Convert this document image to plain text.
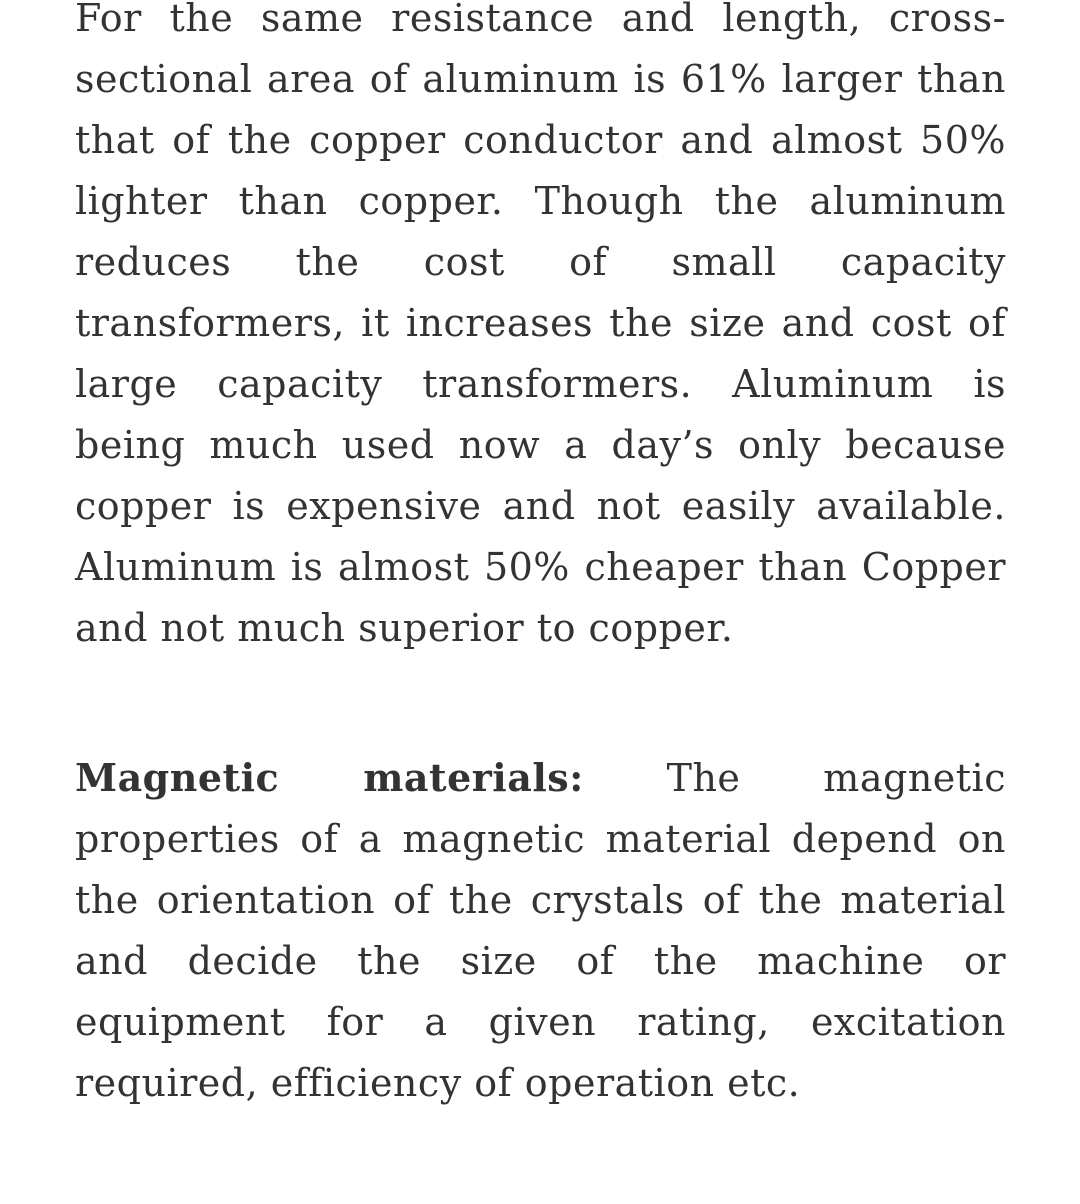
For the same resistance and length, cross-sectional area of aluminum is 61% larger than that of the copper conductor and almost 50% lighter than copper. Though the aluminum reduces the cost of small capacity transformers, it increases the size and cost of large capacity transformers. Aluminum is being much used now a day’s only because copper is expensive and not easily available. Aluminum is almost 50% cheaper than Copper and not much superior to copper.

Magnetic materials: The magnetic properties of a magnetic material depend on the orientation of the crystals of the material and decide the size of the machine or equipment for a given rating, excitation required, efficiency of operation etc.
